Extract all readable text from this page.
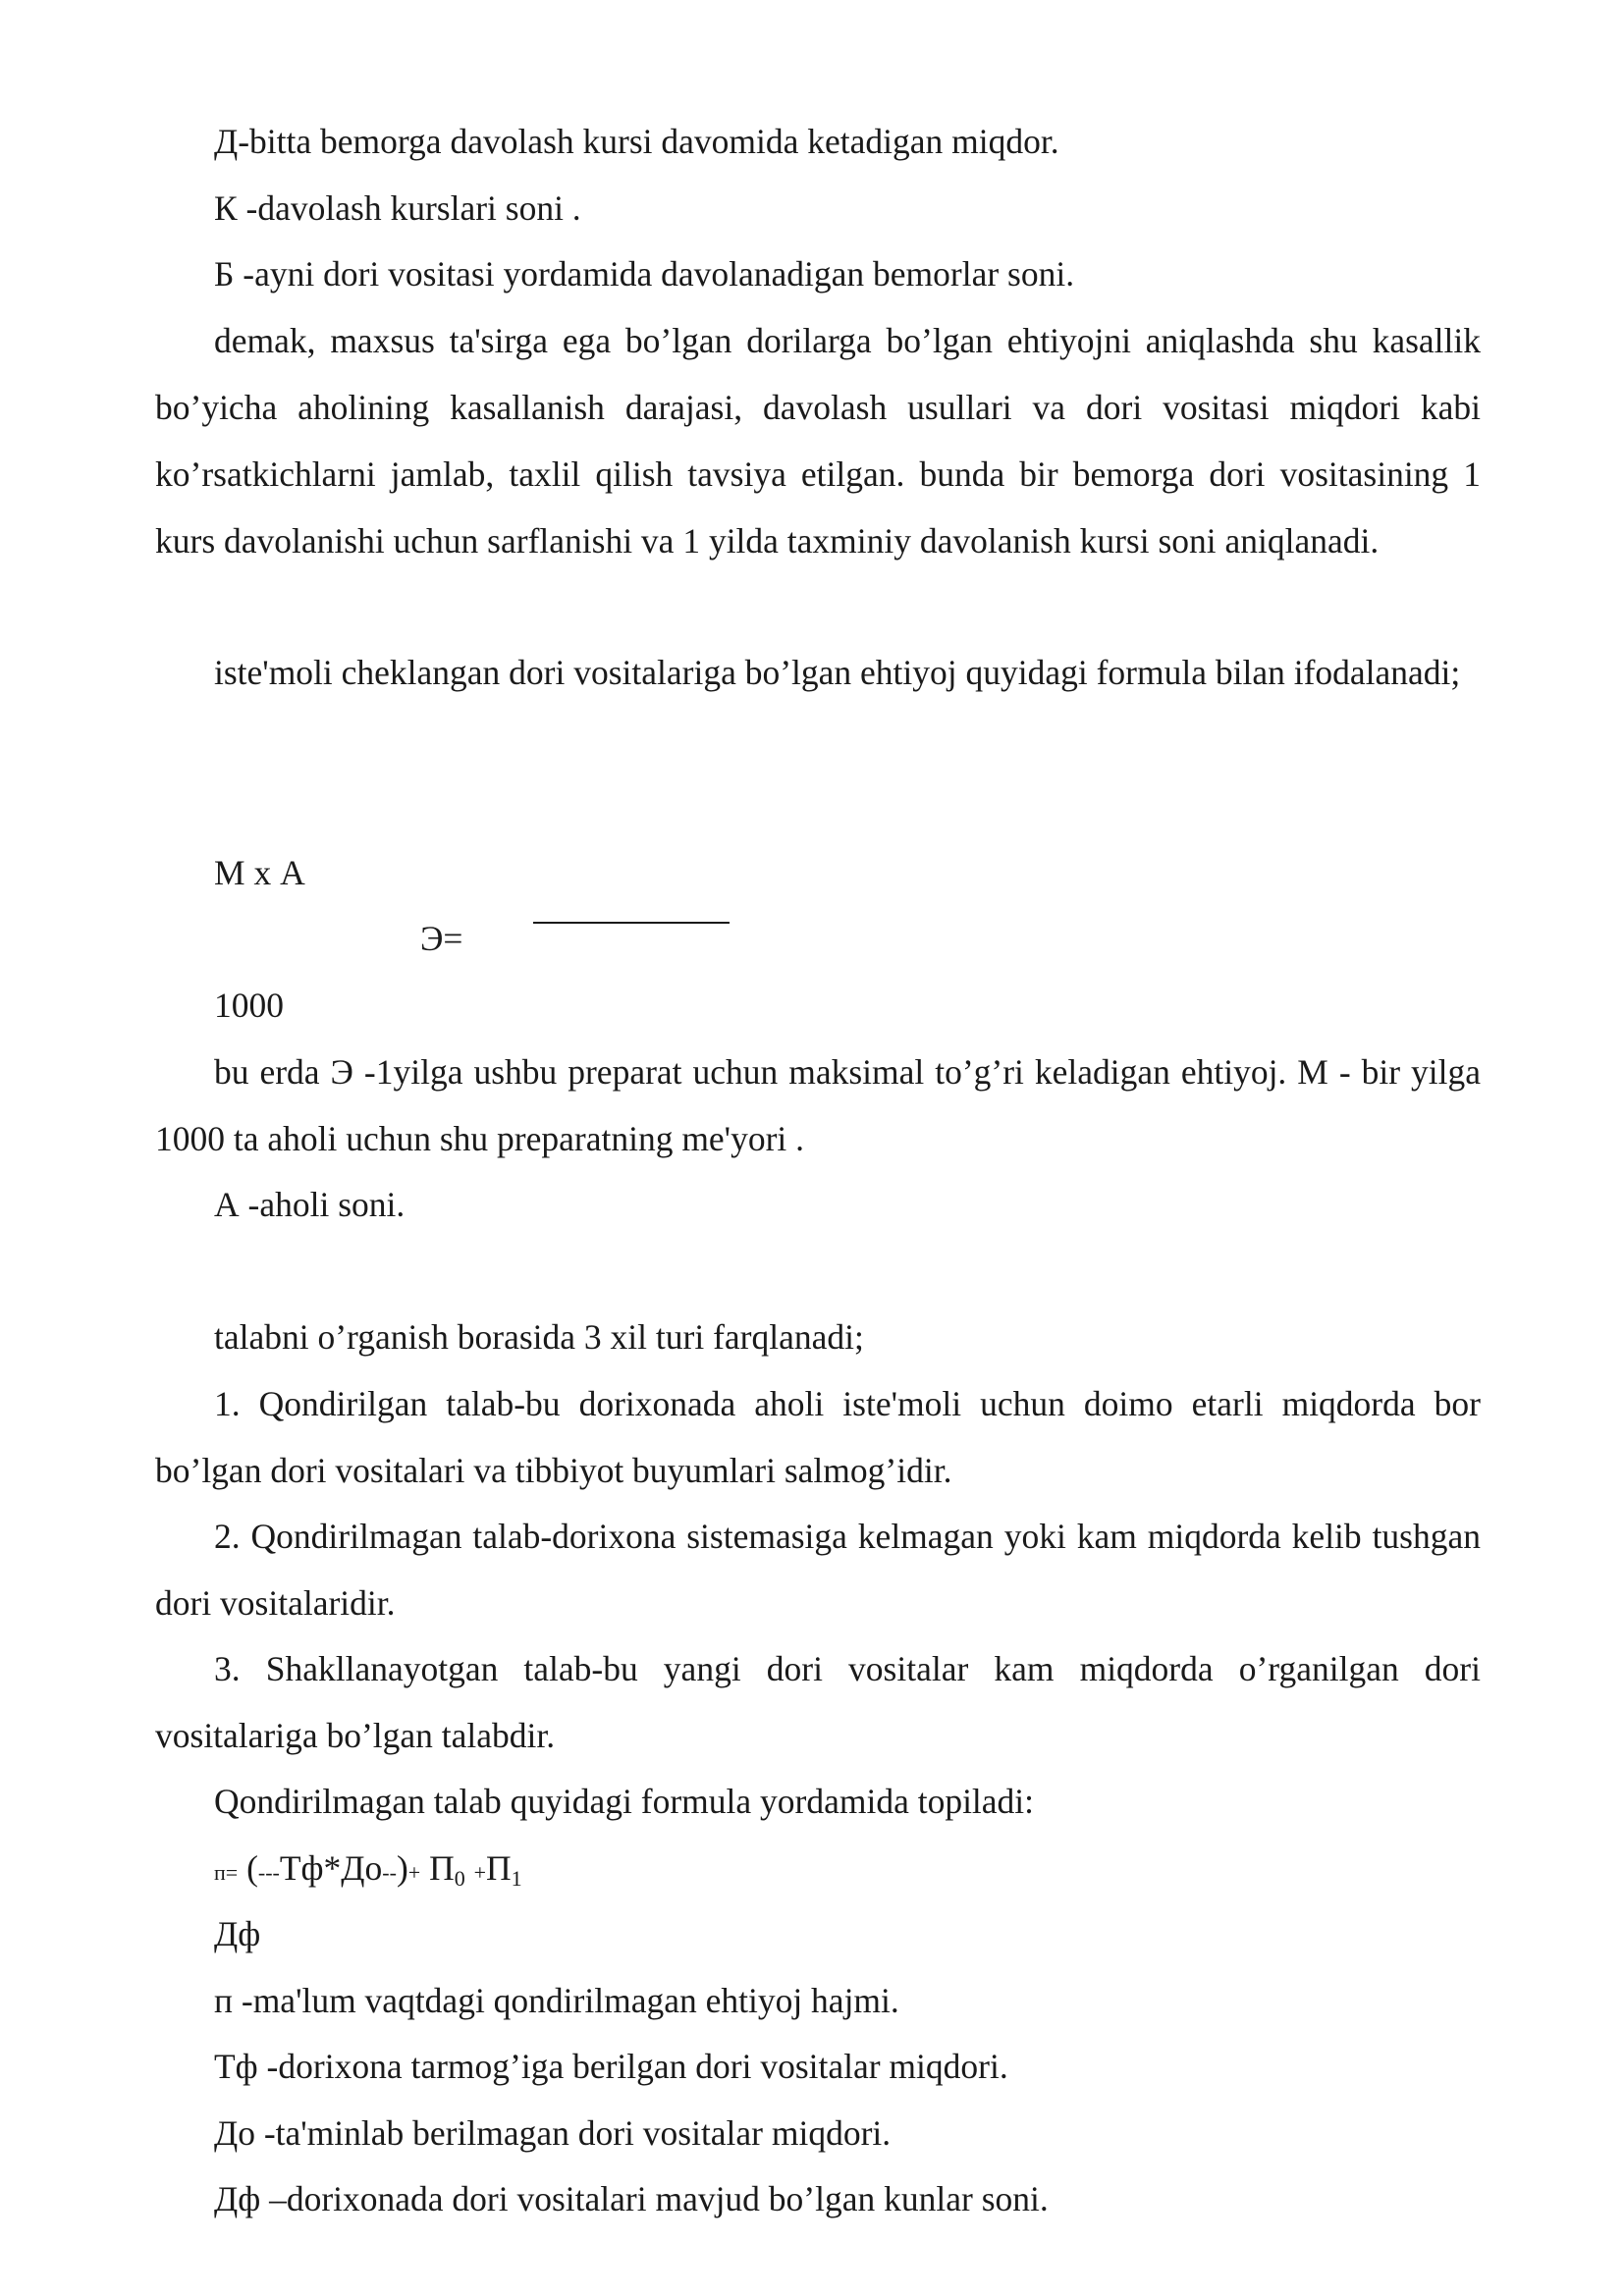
Д-bitta bemorga davolash kursi davomida ketadigan miqdor.
К -davolash kurslari soni .
Б -ayni dori vositasi yordamida davolanadigan bemorlar soni.
demak, maxsus ta'sirga ega bo’lgan dorilarga bo’lgan ehtiyojni aniqlashda shu kasallik bo’yicha aholining kasallanish darajasi, davolash usullari va dori vositasi miqdori kabi ko’rsatkichlarni jamlab, taxlil qilish tavsiya etilgan. bunda bir bemorga dori vositasining 1 kurs davolanishi uchun sarflanishi va 1 yilda taxminiy davolanish kursi soni aniqlanadi.
iste'moli cheklangan dori vositalariga bo’lgan ehtiyoj quyidagi formula bilan ifodalanadi;
М х А
Э=
1000
bu erda Э -1yilga ushbu preparat uchun maksimal to’g’ri keladigan ehtiyoj. М - bir yilga 1000 ta aholi uchun shu preparatning me'yori .
А -aholi soni.
talabni o’rganish borasida 3 xil turi farqlanadi;
1. Qondirilgan talab-bu dorixonada aholi iste'moli uchun doimo etarli miqdorda bor bo’lgan dori vositalari va tibbiyot buyumlari salmog’idir.
2. Qondirilmagan talab-dorixona sistemasiga kelmagan yoki kam miqdorda kelib tushgan dori vositalaridir.
3. Shakllanayotgan talab-bu yangi dori vositalar kam miqdorda o’rganilgan dori vositalariga bo’lgan talabdir.
Qondirilmagan talab quyidagi formula yordamida topiladi:
$п= (---Тф*До--)+ П_0 +П_1$
Дф
п -ma'lum vaqtdagi qondirilmagan ehtiyoj hajmi.
Тф -dorixona tarmog’iga berilgan dori vositalar miqdori.
До -ta'minlab berilmagan dori vositalar miqdori.
Дф –dorixonada dori vositalari mavjud bo’lgan kunlar soni.
